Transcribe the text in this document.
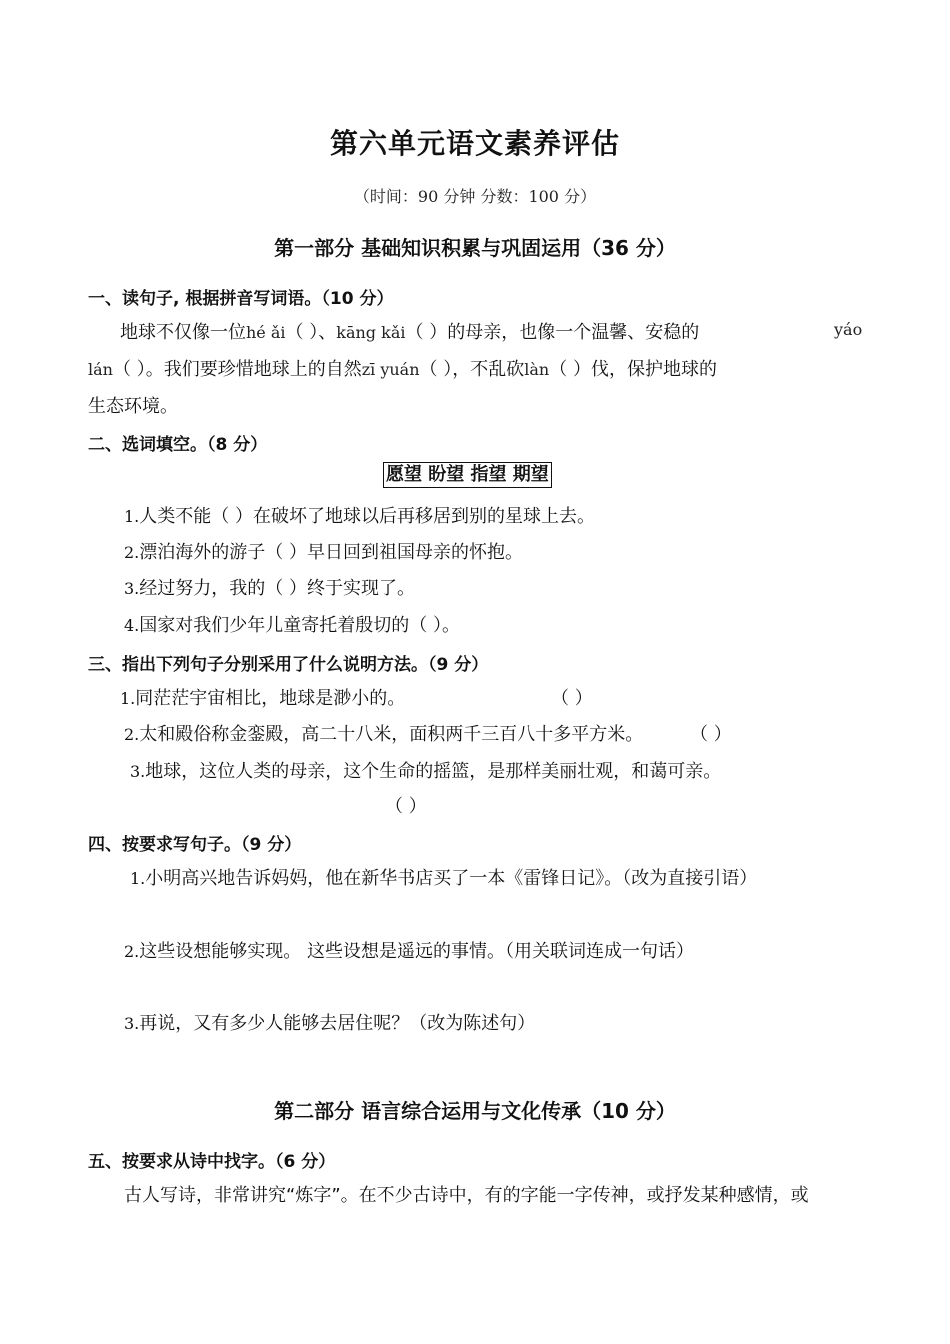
第六单元语文素养评估
（时间：90 分钟 分数：100 分）
第一部分 基础知识积累与巩固运用（36 分）
一、读句子, 根据拼音写词语。（10 分）
地球不仅像一位hé ǎi（ ）、kāng kǎi（ ）的母亲，也像一个温馨、安稳的	yáo
lán（ ）。我们要珍惜地球上的自然zī yuán（ ），不乱砍làn（ ）伐，保护地球的
生态环境。
二、选词填空。（8 分）
愿望 盼望 指望 期望
1.人类不能（ ）在破坏了地球以后再移居到别的星球上去。
2.漂泊海外的游子（ ）早日回到祖国母亲的怀抱。
3.经过努力，我的（ ）终于实现了。
4.国家对我们少年儿童寄托着殷切的（ ）。
三、指出下列句子分别采用了什么说明方法。（9 分）
1.同茫茫宇宙相比，地球是渺小的。	（ ）
2.太和殿俗称金銮殿，高二十八米，面积两千三百八十多平方米。	（ ）
3.地球，这位人类的母亲，这个生命的摇篮，是那样美丽壮观，和蔼可亲。
（ ）
四、按要求写句子。（9 分）
1.小明高兴地告诉妈妈，他在新华书店买了一本《雷锋日记》。（改为直接引语）
2.这些设想能够实现。 这些设想是遥远的事情。（用关联词连成一句话）
3.再说，又有多少人能够去居住呢？（改为陈述句）
第二部分 语言综合运用与文化传承（10 分）
五、按要求从诗中找字。（6 分）
古人写诗，非常讲究“炼字”。在不少古诗中，有的字能一字传神，或抒发某种感情，或
